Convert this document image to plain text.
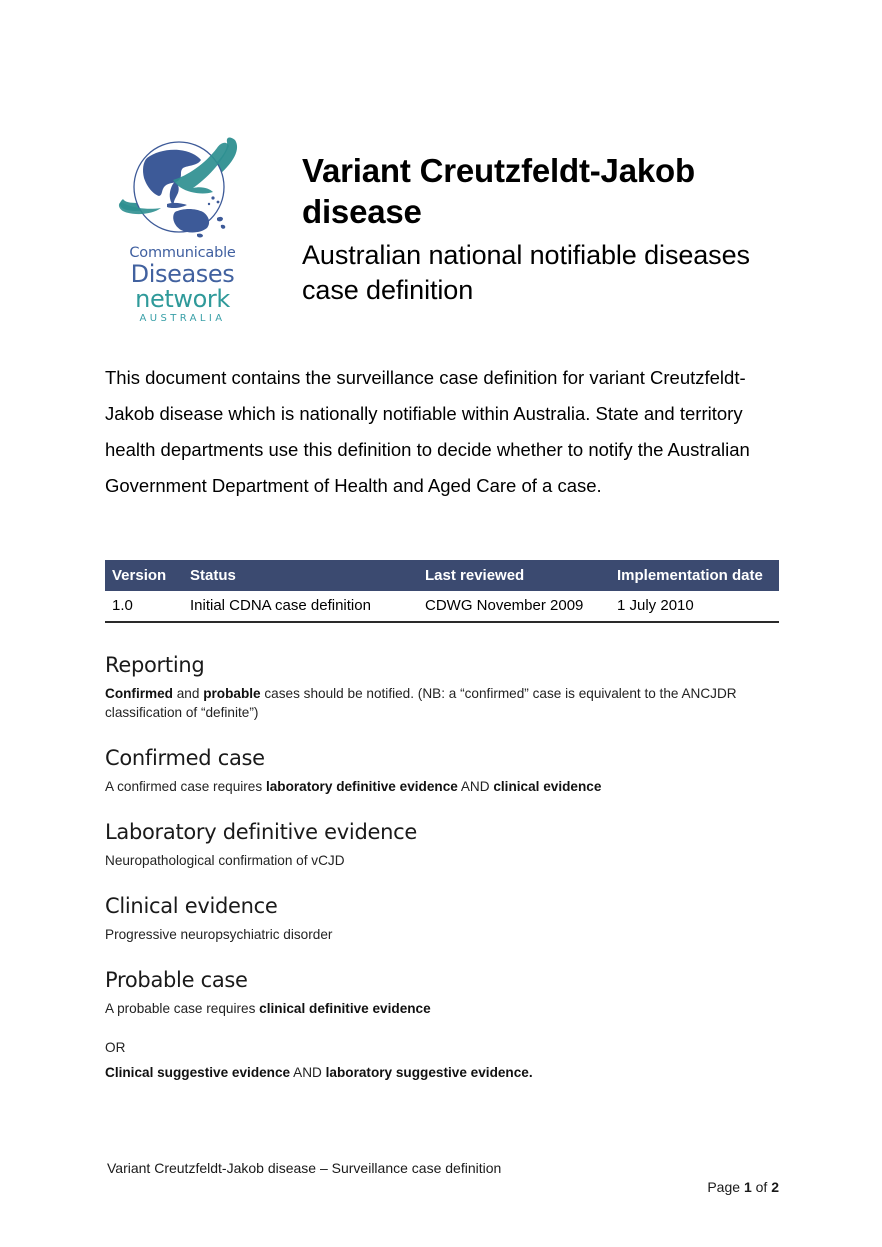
Communicable
Diseases
network
AUSTRALIA
Variant Creutzfeldt-Jakob disease
Australian national notifiable diseases case definition
This document contains the surveillance case definition for variant Creutzfeldt-Jakob disease which is nationally notifiable within Australia. State and territory health departments use this definition to decide whether to notify the Australian Government Department of Health and Aged Care of a case.
Version	Status	Last reviewed	Implementation date
1.0	Initial CDNA case definition	CDWG November 2009	1 July 2010
Reporting

Confirmed and probable cases should be notified. (NB: a “confirmed” case is equivalent to the ANCJDR classification of “definite”)

Confirmed case

A confirmed case requires laboratory definitive evidence AND clinical evidence

Laboratory definitive evidence

Neuropathological confirmation of vCJD

Clinical evidence

Progressive neuropsychiatric disorder

Probable case

A probable case requires clinical definitive evidence

OR
Clinical suggestive evidence AND laboratory suggestive evidence.
Variant Creutzfeldt-Jakob disease – Surveillance case definition
Page 1 of 2
